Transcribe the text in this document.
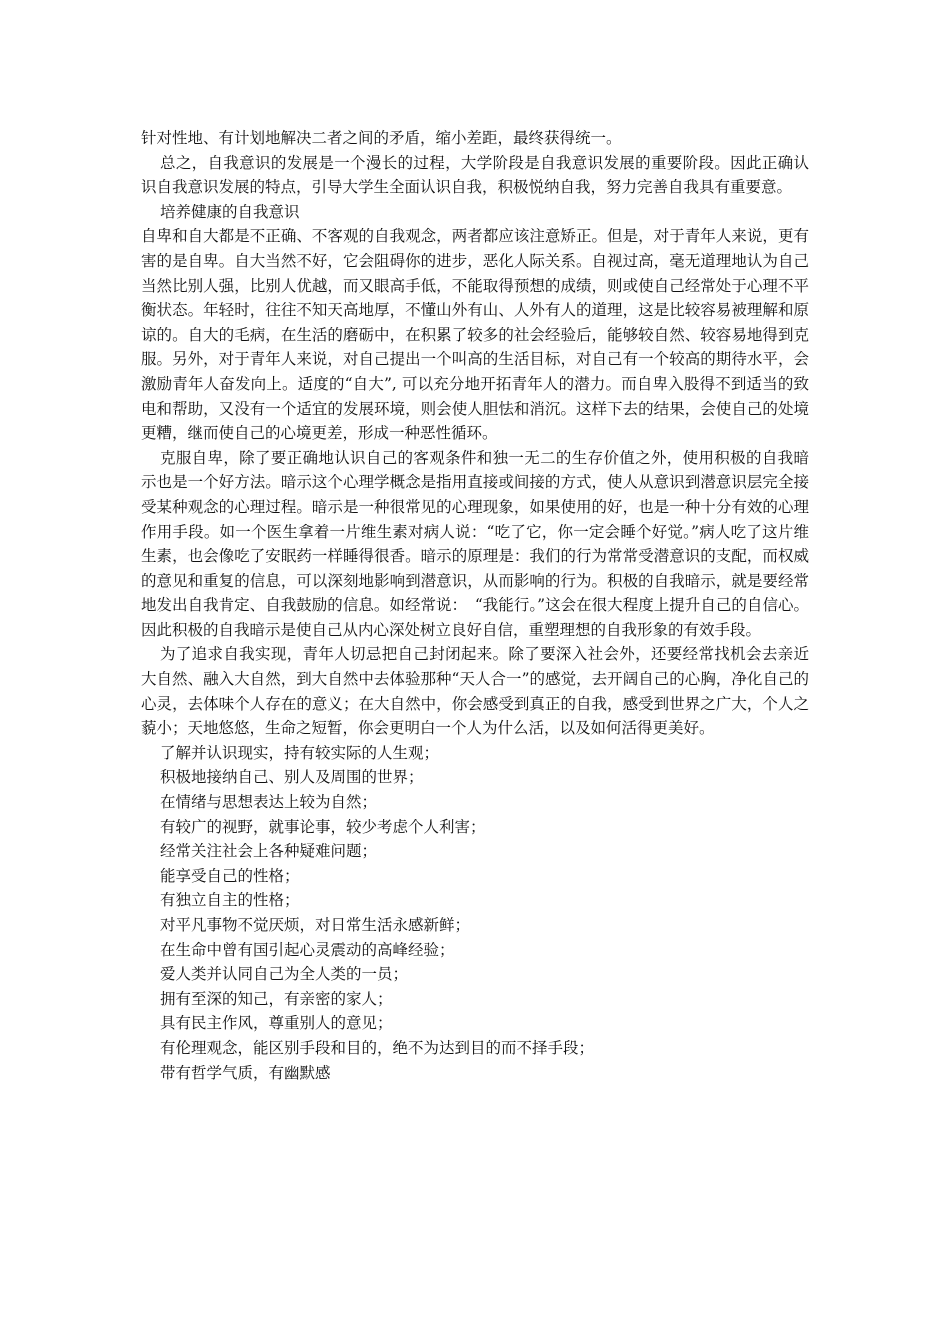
针对性地、有计划地解决二者之间的矛盾，缩小差距，最终获得统一。

总之，自我意识的发展是一个漫长的过程，大学阶段是自我意识发展的重要阶段。因此正确认识自我意识发展的特点，引导大学生全面认识自我，积极悦纳自我，努力完善自我具有重要意。

培养健康的自我意识

自卑和自大都是不正确、不客观的自我观念，两者都应该注意矫正。但是，对于青年人来说，更有害的是自卑。自大当然不好，它会阻碍你的进步，恶化人际关系。自视过高，毫无道理地认为自己当然比别人强，比别人优越，而又眼高手低，不能取得预想的成绩，则或使自己经常处于心理不平衡状态。年轻时，往往不知天高地厚，不懂山外有山、人外有人的道理，这是比较容易被理解和原谅的。自大的毛病，在生活的磨砺中，在积累了较多的社会经验后，能够较自然、较容易地得到克服。另外，对于青年人来说，对自己提出一个叫高的生活目标，对自己有一个较高的期待水平，会激励青年人奋发向上。适度的“自大”, 可以充分地开拓青年人的潜力。而自卑入股得不到适当的致电和帮助，又没有一个适宜的发展环境，则会使人胆怯和消沉。这样下去的结果，会使自己的处境更糟，继而使自己的心境更差，形成一种恶性循环。

克服自卑，除了要正确地认识自己的客观条件和独一无二的生存价值之外，使用积极的自我暗示也是一个好方法。暗示这个心理学概念是指用直接或间接的方式，使人从意识到潜意识层完全接受某种观念的心理过程。暗示是一种很常见的心理现象，如果使用的好，也是一种十分有效的心理作用手段。如一个医生拿着一片维生素对病人说：“吃了它，你一定会睡个好觉。”病人吃了这片维生素，也会像吃了安眠药一样睡得很香。暗示的原理是：我们的行为常常受潜意识的支配，而权威的意见和重复的信息，可以深刻地影响到潜意识，从而影响的行为。积极的自我暗示，就是要经常地发出自我肯定、自我鼓励的信息。如经常说：　“我能行。”这会在很大程度上提升自己的自信心。因此积极的自我暗示是使自己从内心深处树立良好自信，重塑理想的自我形象的有效手段。

为了追求自我实现，青年人切忌把自己封闭起来。除了要深入社会外，还要经常找机会去亲近大自然、融入大自然，到大自然中去体验那种“天人合一”的感觉，去开阔自己的心胸，净化自己的心灵，去体味个人存在的意义；在大自然中，你会感受到真正的自我，感受到世界之广大，个人之藐小；天地悠悠，生命之短暂，你会更明白一个人为什么活，以及如何活得更美好。

了解并认识现实，持有较实际的人生观；
积极地接纳自己、别人及周围的世界；
在情绪与思想表达上较为自然；
有较广的视野，就事论事，较少考虑个人利害；
经常关注社会上各种疑难问题；
能享受自己的性格；
有独立自主的性格；
对平凡事物不觉厌烦，对日常生活永感新鲜；
在生命中曾有国引起心灵震动的高峰经验；
爱人类并认同自己为全人类的一员；
拥有至深的知己，有亲密的家人；
具有民主作风，尊重别人的意见；
有伦理观念，能区别手段和目的，绝不为达到目的而不择手段；
带有哲学气质，有幽默感
